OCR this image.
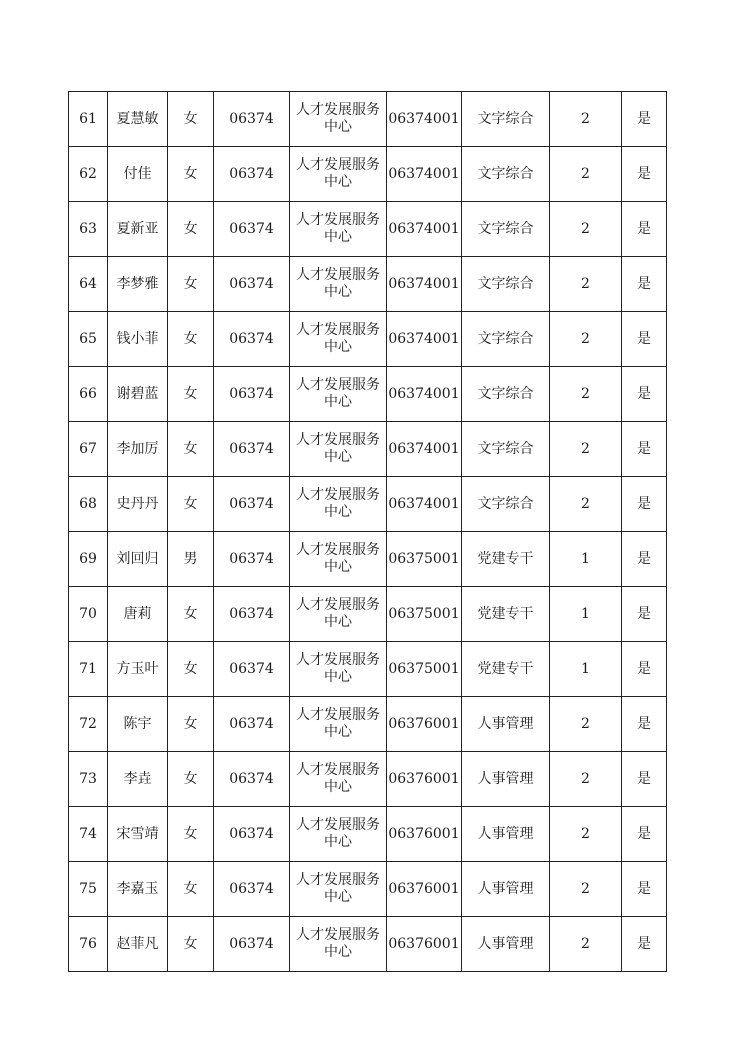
61	夏慧敏	女	06374	人才发展服务
中心	06374001	文字综合	2	是
62	付佳	女	06374	人才发展服务
中心	06374001	文字综合	2	是
63	夏新亚	女	06374	人才发展服务
中心	06374001	文字综合	2	是
64	李梦雅	女	06374	人才发展服务
中心	06374001	文字综合	2	是
65	钱小菲	女	06374	人才发展服务
中心	06374001	文字综合	2	是
66	谢碧蓝	女	06374	人才发展服务
中心	06374001	文字综合	2	是
67	李加厉	女	06374	人才发展服务
中心	06374001	文字综合	2	是
68	史丹丹	女	06374	人才发展服务
中心	06374001	文字综合	2	是
69	刘回归	男	06374	人才发展服务
中心	06375001	党建专干	1	是
70	唐莉	女	06374	人才发展服务
中心	06375001	党建专干	1	是
71	方玉叶	女	06374	人才发展服务
中心	06375001	党建专干	1	是
72	陈宇	女	06374	人才发展服务
中心	06376001	人事管理	2	是
73	李垚	女	06374	人才发展服务
中心	06376001	人事管理	2	是
74	宋雪靖	女	06374	人才发展服务
中心	06376001	人事管理	2	是
75	李嘉玉	女	06374	人才发展服务
中心	06376001	人事管理	2	是
76	赵菲凡	女	06374	人才发展服务
中心	06376001	人事管理	2	是
